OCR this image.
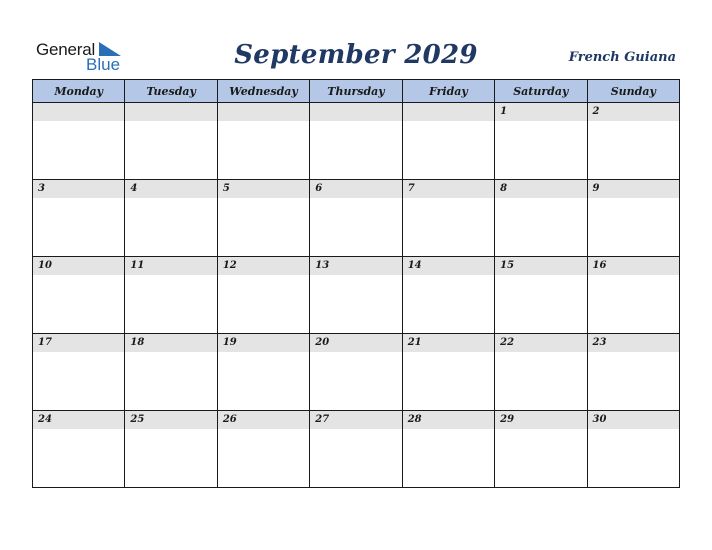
General
Blue	September 2029	French Guiana
Monday	Tuesday	Wednesday	Thursday	Friday	Saturday	Sunday

					1	2

3	4	5	6	7	8	9

10	11	12	13	14	15	16

17	18	19	20	21	22	23

24	25	26	27	28	29	30
